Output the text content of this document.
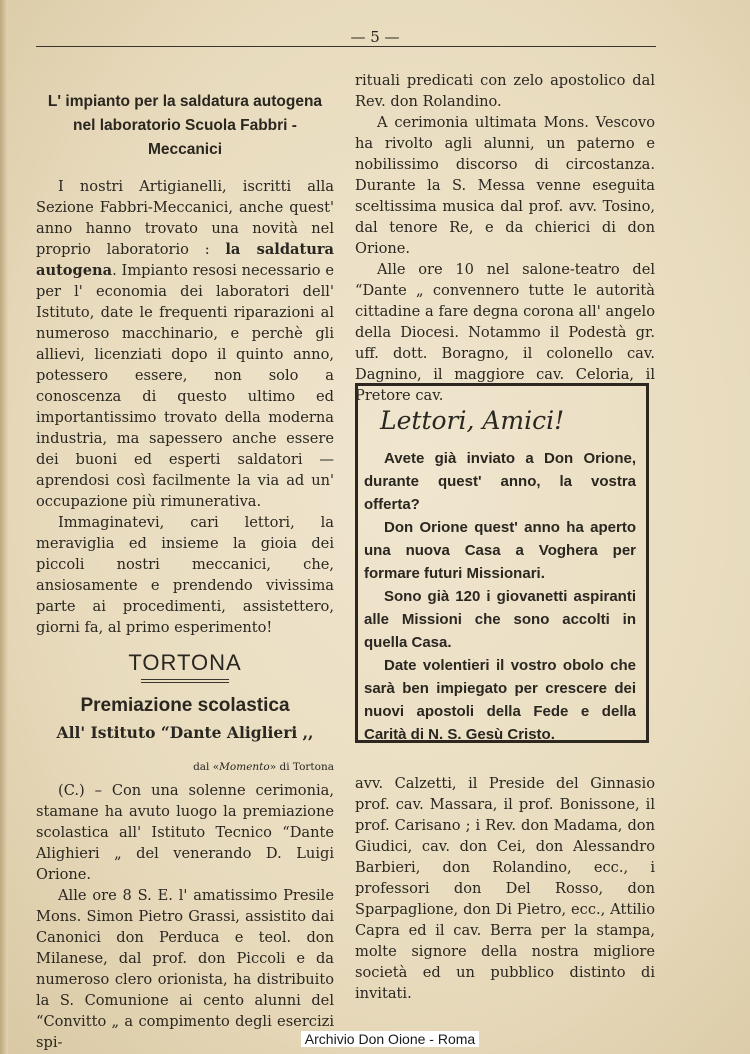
— 5 —
L' impianto per la saldatura autogena
nel laboratorio Scuola Fabbri - Meccanici

I nostri Artigianelli, iscritti alla Sezione Fabbri-Meccanici, anche quest' anno hanno trovato una novità nel proprio laboratorio : la saldatura autogena. Impianto resosi necessario e per l' economia dei laboratori dell' Istituto, date le frequenti riparazioni al numeroso macchinario, e perchè gli allievi, licenziati dopo il quinto anno, potessero essere, non solo a conoscenza di questo ultimo ed importantissimo trovato della moderna industria, ma sapessero anche essere dei buoni ed esperti saldatori — aprendosi così facilmente la via ad un' occupazione più rimunerativa.

Immaginatevi, cari lettori, la meraviglia ed insieme la gioia dei piccoli nostri meccanici, che, ansiosamente e prendendo vivissima parte ai procedimenti, assistettero, giorni fa, al primo esperimento!

TORTONA
Premiazione scolastica
All' Istituto “Dante Aliglieri ,,
dal «Momento» di Tortona

(C.) – Con una solenne cerimonia, stamane ha avuto luogo la premiazione scolastica all' Istituto Tecnico “Dante Alighieri „ del venerando D. Luigi Orione.

Alle ore 8 S. E. l' amatissimo Presile Mons. Simon Pietro Grassi, assistito dai Canonici don Perduca e teol. don Milanese, dal prof. don Piccoli e da numeroso clero orionista, ha distribuito la S. Comunione ai cento alunni del “Convitto „ a compimento degli esercizi spi-

rituali predicati con zelo apostolico dal Rev. don Rolandino.

A cerimonia ultimata Mons. Vescovo ha rivolto agli alunni, un paterno e nobilissimo discorso di circostanza. Durante la S. Messa venne eseguita sceltissima musica dal prof. avv. Tosino, dal tenore Re, e da chierici di don Orione.

Alle ore 10 nel salone-teatro del “Dante „ convennero tutte le autorità cittadine a fare degna corona all' angelo della Diocesi. Notammo il Podestà gr. uff. dott. Boragno, il colonello cav. Dagnino, il maggiore cav. Celoria, il Pretore cav.

Lettori, Amici!

Avete già inviato a Don Orione, durante quest' anno, la vostra offerta?

Don Orione quest' anno ha aperto una nuova Casa a Voghera per formare futuri Missionari.

Sono già 120 i giovanetti aspiranti alle Missioni che sono accolti in quella Casa.

Date volentieri il vostro obolo che sarà ben impiegato per crescere dei nuovi apostoli della Fede e della Carità di N. S. Gesù Cristo.

avv. Calzetti, il Preside del Ginnasio prof. cav. Massara, il prof. Bonissone, il prof. Carisano ; i Rev. don Madama, don Giudici, cav. don Cei, don Alessandro Barbieri, don Rolandino, ecc., i professori don Del Rosso, don Sparpaglione, don Di Pietro, ecc., Attilio Capra ed il cav. Berra per la stampa, molte signore della nostra migliore società ed un pubblico distinto di invitati.

Archivio Don Oione - Roma
